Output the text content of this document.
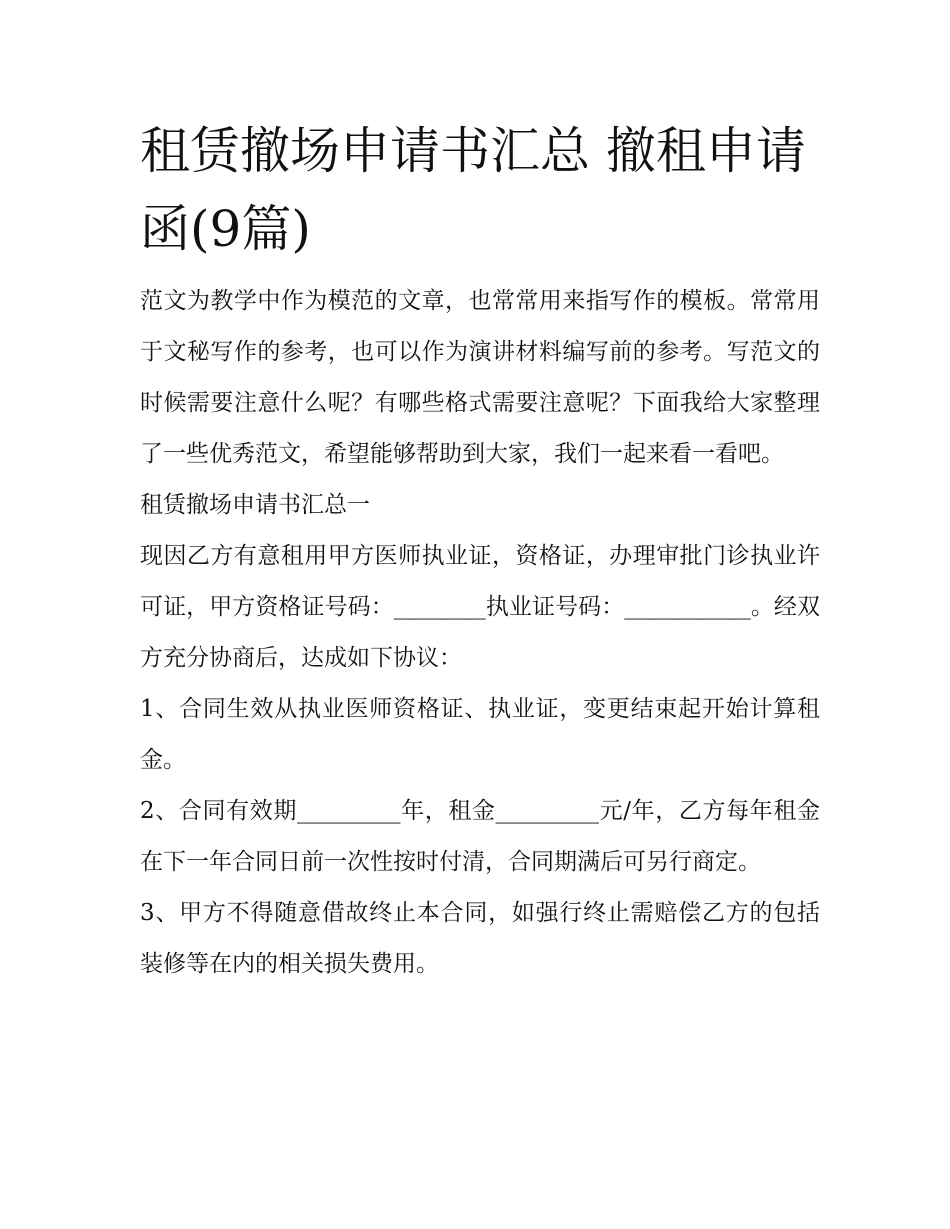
租赁撤场申请书汇总 撤租申请函(9篇)

范文为教学中作为模范的文章，也常常用来指写作的模板。常常用于文秘写作的参考，也可以作为演讲材料编写前的参考。写范文的时候需要注意什么呢？有哪些格式需要注意呢？下面我给大家整理了一些优秀范文，希望能够帮助到大家，我们一起来看一看吧。

租赁撤场申请书汇总一

现因乙方有意租用甲方医师执业证，资格证，办理审批门诊执业许可证，甲方资格证号码：________执业证号码：___________。经双方充分协商后，达成如下协议：

1、合同生效从执业医师资格证、执业证，变更结束起开始计算租金。

2、合同有效期_________年，租金_________元/年，乙方每年租金在下一年合同日前一次性按时付清，合同期满后可另行商定。

3、甲方不得随意借故终止本合同，如强行终止需赔偿乙方的包括装修等在内的相关损失费用。
